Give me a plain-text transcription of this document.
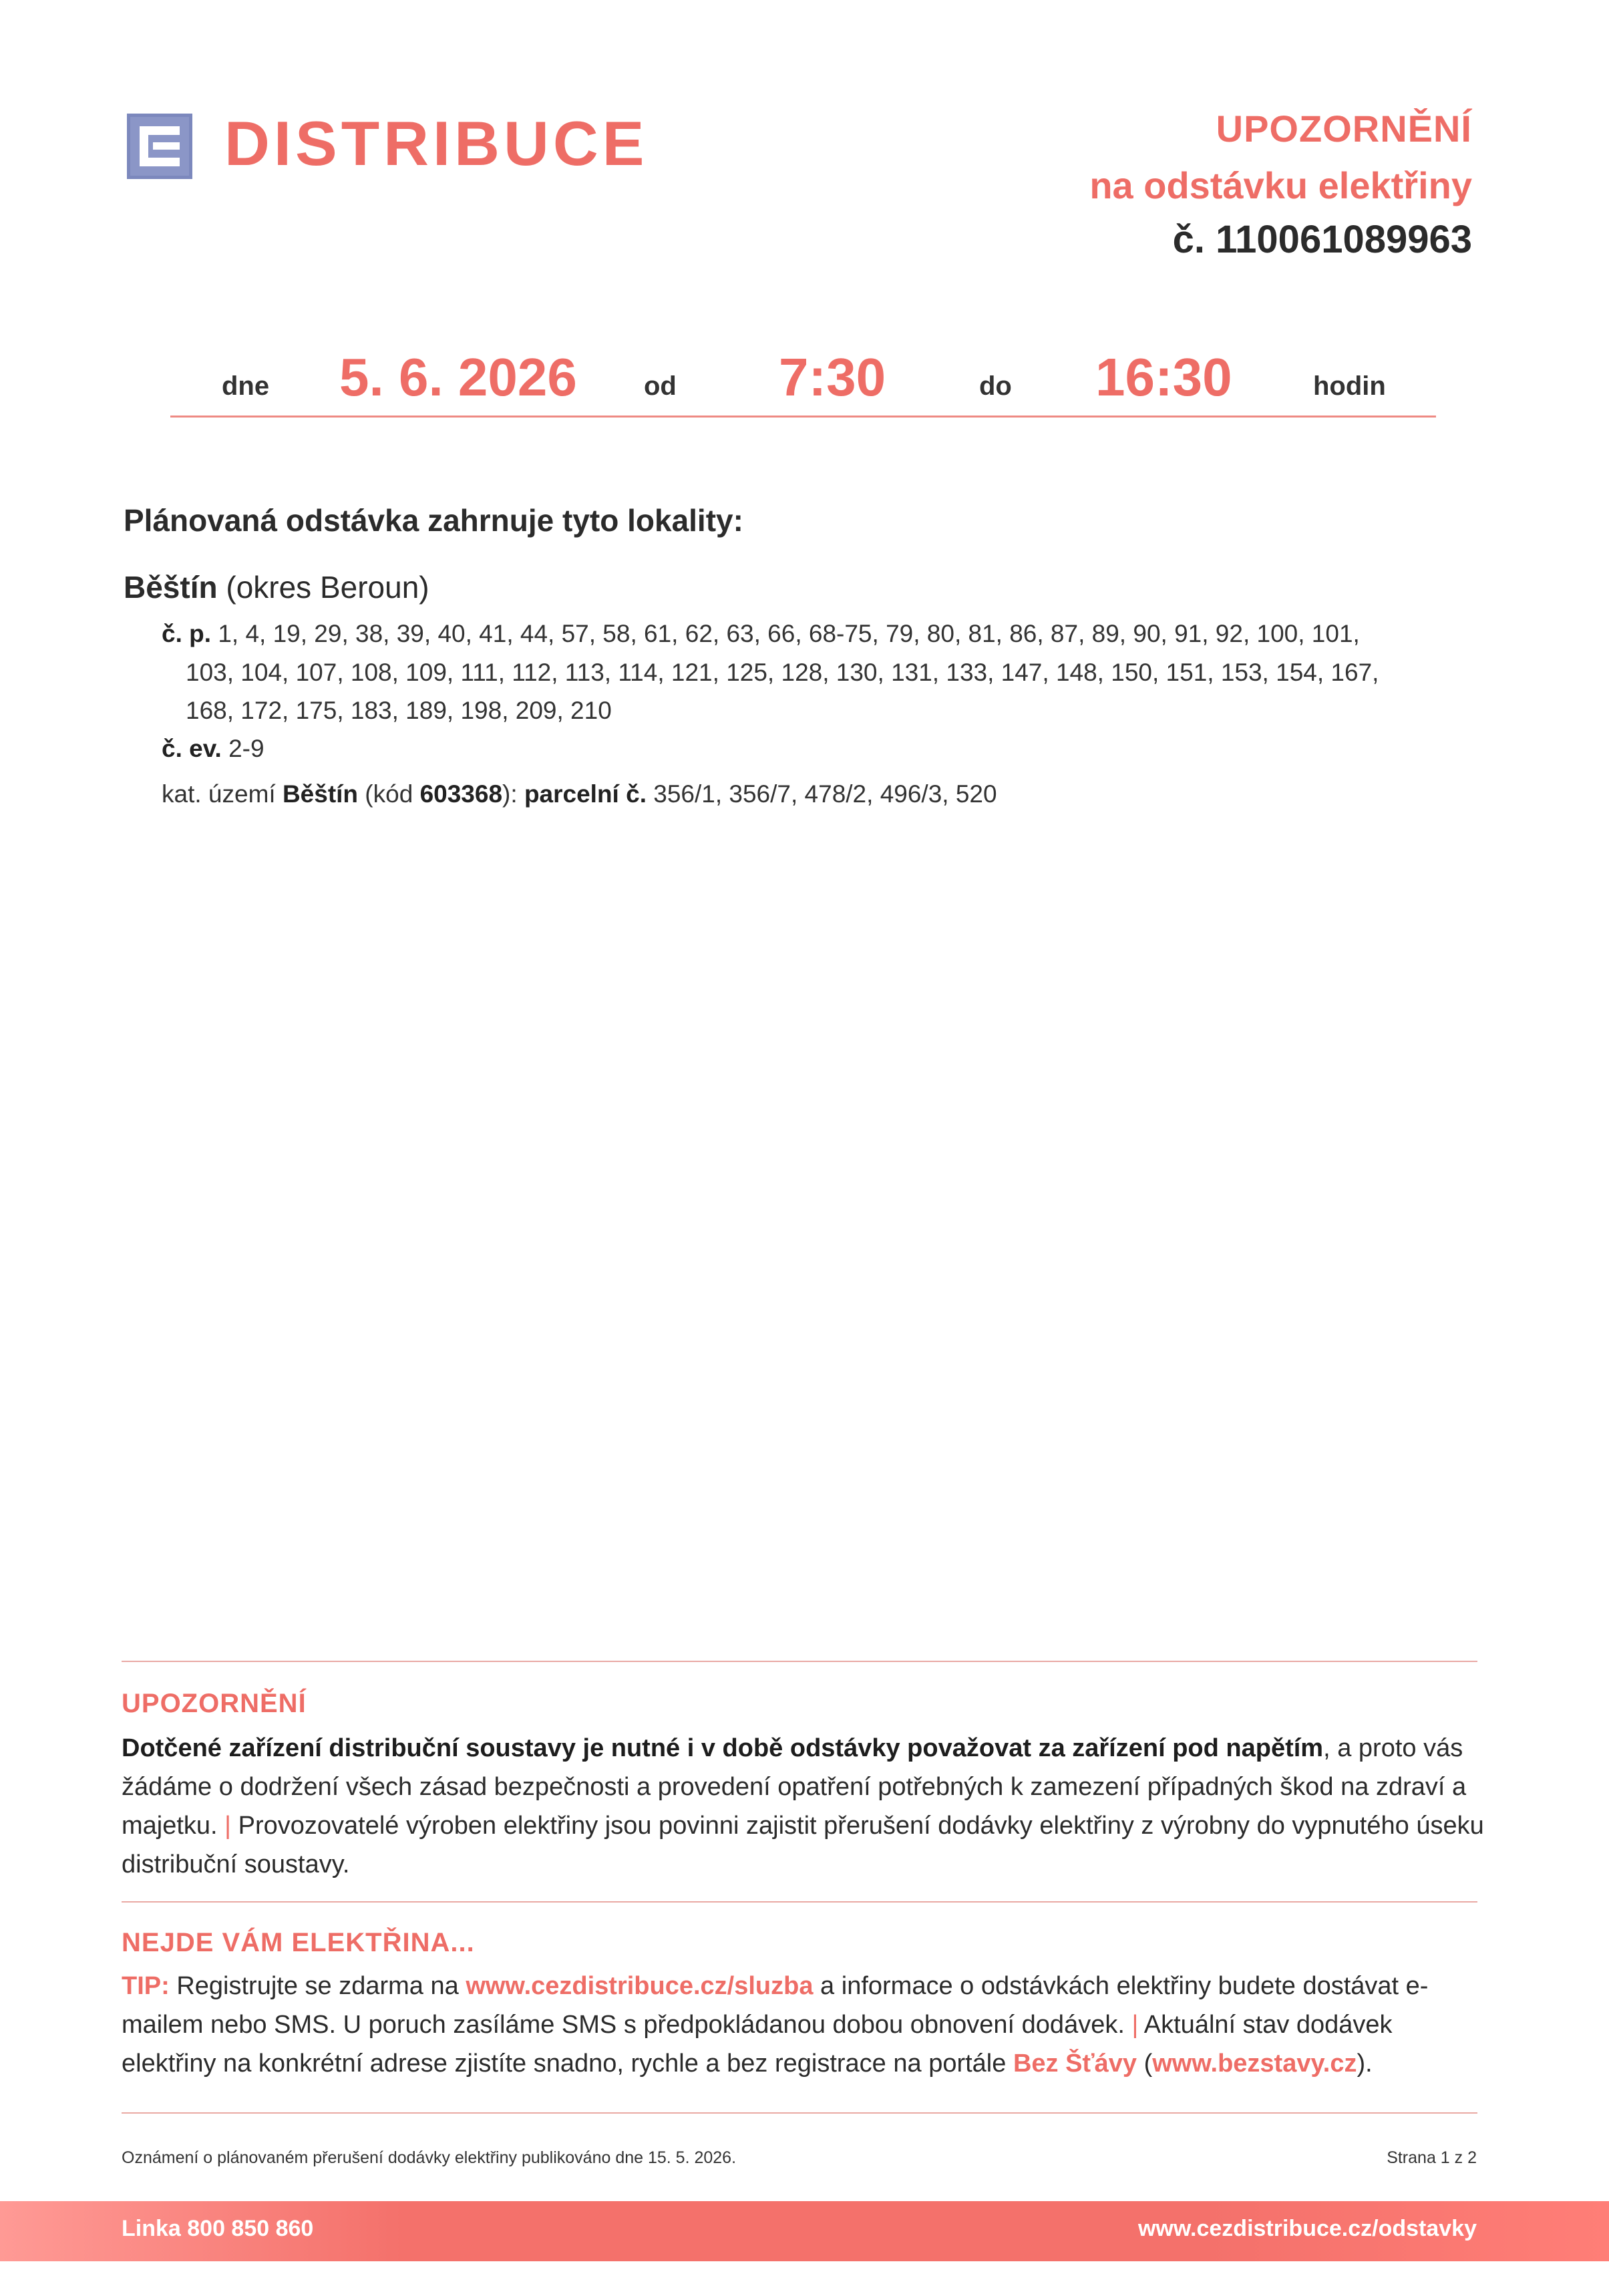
DISTRIBUCE	UPOZORNĚNÍ
na odstávku elektřiny
č. 110061089963
dne 5. 6. 2026	od 7:30	do 16:30	hodin
Plánovaná odstávka zahrnuje tyto lokality:
Běštín (okres Beroun)
č. p. 1, 4, 19, 29, 38, 39, 40, 41, 44, 57, 58, 61, 62, 63, 66, 68-75, 79, 80, 81, 86, 87, 89, 90, 91, 92, 100, 101,
103, 104, 107, 108, 109, 111, 112, 113, 114, 121, 125, 128, 130, 131, 133, 147, 148, 150, 151, 153, 154, 167,
168, 172, 175, 183, 189, 198, 209, 210
č. ev. 2-9
kat. území Běštín (kód 603368): parcelní č. 356/1, 356/7, 478/2, 496/3, 520
UPOZORNĚNÍ
Dotčené zařízení distribuční soustavy je nutné i v době odstávky považovat za zařízení pod napětím, a proto vás žádáme o dodržení všech zásad bezpečnosti a provedení opatření potřebných k zamezení případných škod na zdraví a majetku. | Provozovatelé výroben elektřiny jsou povinni zajistit přerušení dodávky elektřiny z výrobny do vypnutého úseku distribuční soustavy.
NEJDE VÁM ELEKTŘINA...
TIP: Registrujte se zdarma na www.cezdistribuce.cz/sluzba a informace o odstávkách elektřiny budete dostávat e-mailem nebo SMS. U poruch zasíláme SMS s předpokládanou dobou obnovení dodávek. | Aktuální stav dodávek elektřiny na konkrétní adrese zjistíte snadno, rychle a bez registrace na portále Bez Šťávy (www.bezstavy.cz).
Oznámení o plánovaném přerušení dodávky elektřiny publikováno dne 15. 5. 2026.	Strana 1 z 2
Linka 800 850 860	www.cezdistribuce.cz/odstavky
